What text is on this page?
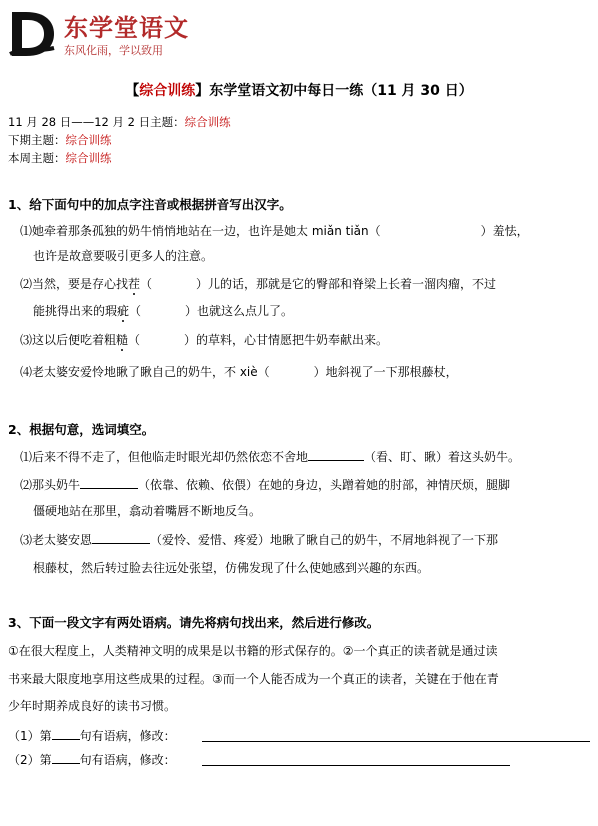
东学堂语文
东风化雨，学以致用
【综合训练】东学堂语文初中每日一练（11 月 30 日）
11 月 28 日——12 月 2 日主题：综合训练
下期主题：综合训练
本周主题：综合训练
1、给下面句中的加点字注音或根据拼音写出汉字。
⑴她牵着那条孤独的奶牛悄悄地站在一边，也许是她太 miǎn tiǎn（	）羞怯，
也许是故意要吸引更多人的注意。
⑵当然，要是存心找茬（	）儿的话，那就是它的臀部和脊梁上长着一溜肉瘤，不过
能挑得出来的瑕疵（	）也就这么点儿了。
⑶这以后便吃着粗糙（	）的草料，心甘情愿把牛奶奉献出来。
⑷老太婆安爱怜地瞅了瞅自己的奶牛，不 xiè（	）地斜视了一下那根藤杖，
2、根据句意，选词填空。
⑴后来不得不走了，但他临走时眼光却仍然依恋不舍地	（看、盯、瞅）着这头奶牛。
⑵那头奶牛	（依靠、依赖、依偎）在她的身边，头蹭着她的肘部，神情厌烦，腿脚
僵硬地站在那里，翕动着嘴唇不断地反刍。
⑶老太婆安恩	（爱怜、爱惜、疼爱）地瞅了瞅自己的奶牛，不屑地斜视了一下那
根藤杖，然后转过脸去往远处张望，仿佛发现了什么使她感到兴趣的东西。
3、下面一段文字有两处语病。请先将病句找出来，然后进行修改。
①在很大程度上，人类精神文明的成果是以书籍的形式保存的。②一个真正的读者就是通过读
书来最大限度地享用这些成果的过程。③而一个人能否成为一个真正的读者，关键在于他在青
少年时期养成良好的读书习惯。
（1）第 句有语病，修改：
（2）第 句有语病，修改：
